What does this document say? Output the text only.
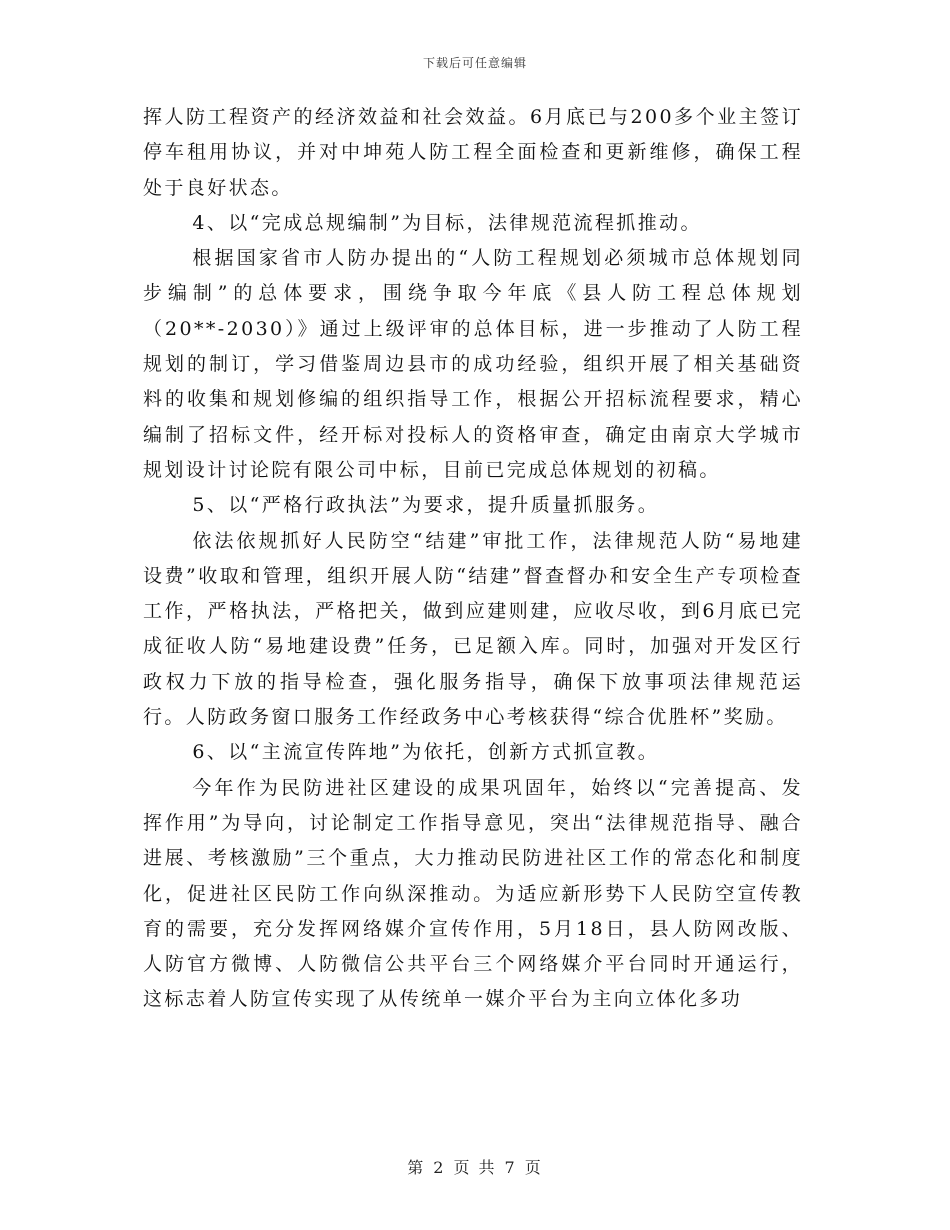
下载后可任意编辑

挥人防工程资产的经济效益和社会效益。6月底已与200多个业主签订停车租用协议，并对中坤苑人防工程全面检查和更新维修，确保工程处于良好状态。

4、以“完成总规编制”为目标，法律规范流程抓推动。

根据国家省市人防办提出的“人防工程规划必须城市总体规划同步编制”的总体要求，围绕争取今年底《县人防工程总体规划（20**-2030）》通过上级评审的总体目标，进一步推动了人防工程规划的制订，学习借鉴周边县市的成功经验，组织开展了相关基础资料的收集和规划修编的组织指导工作，根据公开招标流程要求，精心编制了招标文件，经开标对投标人的资格审查，确定由南京大学城市规划设计讨论院有限公司中标，目前已完成总体规划的初稿。

5、以“严格行政执法”为要求，提升质量抓服务。

依法依规抓好人民防空“结建”审批工作，法律规范人防“易地建设费”收取和管理，组织开展人防“结建”督查督办和安全生产专项检查工作，严格执法，严格把关，做到应建则建，应收尽收，到6月底已完成征收人防“易地建设费”任务，已足额入库。同时，加强对开发区行政权力下放的指导检查，强化服务指导，确保下放事项法律规范运行。人防政务窗口服务工作经政务中心考核获得“综合优胜杯”奖励。

6、以“主流宣传阵地”为依托，创新方式抓宣教。

今年作为民防进社区建设的成果巩固年，始终以“完善提高、发挥作用”为导向，讨论制定工作指导意见，突出“法律规范指导、融合进展、考核激励”三个重点，大力推动民防进社区工作的常态化和制度化，促进社区民防工作向纵深推动。为适应新形势下人民防空宣传教育的需要，充分发挥网络媒介宣传作用，5月18日，县人防网改版、人防官方微博、人防微信公共平台三个网络媒介平台同时开通运行，这标志着人防宣传实现了从传统单一媒介平台为主向立体化多功

第 2 页 共 7 页
